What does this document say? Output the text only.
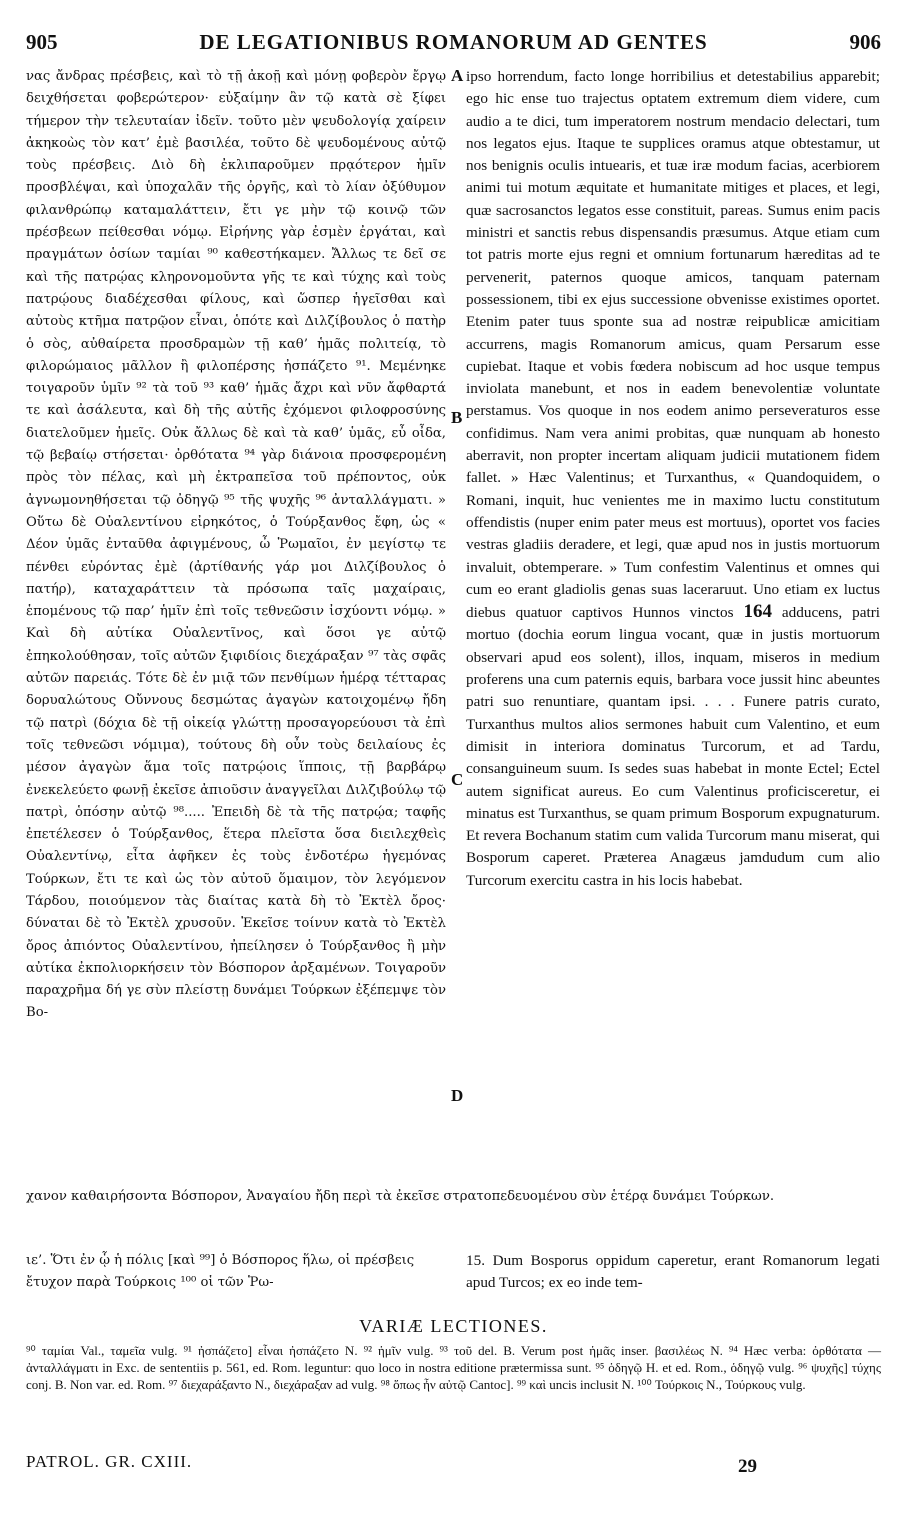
905	DE LEGATIONIBUS ROMANORUM AD GENTES	906

νας ἄνδρας πρέσβεις, καὶ τὸ τῇ ἀκοῇ καὶ μόνῃ φοβερὸν ἔργῳ δειχθήσεται φοβερώτερον· εὐξαίμην ἂν τῷ κατὰ σὲ ξίφει τήμερον τὴν τελευταίαν ἰδεῖν. τοῦτο μὲν ψευδολογίᾳ χαίρειν ἀκηκοὼς τὸν κατ’ ἐμὲ βασιλέα, τοῦτο δὲ ψευδομένους αὐτῷ τοὺς πρέσβεις. Διὸ δὴ ἐκλιπαροῦμεν πρᾳότερον ἡμῖν προσβλέψαι, καὶ ὑποχαλᾶν τῆς ὀργῆς, καὶ τὸ λίαν ὀξύθυμον φιλανθρώπῳ καταμαλάττειν, ἔτι γε μὴν τῷ κοινῷ τῶν πρέσβεων πείθεσθαι νόμῳ. Εἰρήνης γὰρ ἐσμὲν ἐργάται, καὶ πραγμάτων ὁσίων ταμίαι ⁹⁰ καθεστήκαμεν. Ἄλλως τε δεῖ σε καὶ τῆς πατρῴας κληρονομοῦντα γῆς τε καὶ τύχης καὶ τοὺς πατρῴους διαδέχεσθαι φίλους, καὶ ὥσπερ ἡγεῖσθαι καὶ αὐτοὺς κτῆμα πατρῷον εἶναι, ὁπότε καὶ Διλζίβουλος ὁ πατὴρ ὁ σὸς, αὐθαίρετα προσδραμὼν τῇ καθ’ ἡμᾶς πολιτείᾳ, τὸ φιλορώμαιος μᾶλλον ἢ φιλοπέρσης ἠσπάζετο ⁹¹. Μεμένηκε τοιγαροῦν ὑμῖν ⁹² τὰ τοῦ ⁹³ καθ’ ἡμᾶς ἄχρι καὶ νῦν ἄφθαρτά τε καὶ ἀσάλευτα, καὶ δὴ τῆς αὐτῆς ἐχόμενοι φιλοφροσύνης διατελοῦμεν ἡμεῖς. Οὐκ ἄλλως δὲ καὶ τὰ καθ’ ὑμᾶς, εὖ οἶδα, τῷ βεβαίῳ στήσεται· ὀρθότατα ⁹⁴ γὰρ διάνοια προσφερομένη πρὸς τὸν πέλας, καὶ μὴ ἐκτραπεῖσα τοῦ πρέποντος, οὐκ ἀγνωμονηθήσεται τῷ ὀδηγῷ ⁹⁵ τῆς ψυχῆς ⁹⁶ ἀνταλλάγματι. » Οὕτω δὲ Οὐαλεντίνου εἰρηκότος, ὁ Τούρξανθος ἔφη, ὡς « Δέον ὑμᾶς ἐνταῦθα ἀφιγμένους, ὦ Ῥωμαῖοι, ἐν μεγίστῳ τε πένθει εὑρόντας ἐμὲ (ἀρτίθανής γάρ μοι Διλζίβουλος ὁ πατήρ), καταχαράττειν τὰ πρόσωπα ταῖς μαχαίραις, ἑπομένους τῷ παρ’ ἡμῖν ἐπὶ τοῖς τεθνεῶσιν ἰσχύοντι νόμῳ. » Καὶ δὴ αὐτίκα Οὐαλεντῖνος, καὶ ὅσοι γε αὐτῷ ἐπηκολούθησαν, τοῖς αὐτῶν ξιφιδίοις διεχάραξαν ⁹⁷ τὰς σφᾶς αὐτῶν παρειάς. Τότε δὲ ἐν μιᾷ τῶν πενθίμων ἡμέρᾳ τέτταρας δορυαλώτους Οὔννους δεσμώτας ἀγαγὼν κατοιχομένῳ ἤδη τῷ πατρὶ (δόχια δὲ τῇ οἰκείᾳ γλώττῃ προσαγορεύουσι τὰ ἐπὶ τοῖς τεθνεῶσι νόμιμα), τούτους δὴ οὖν τοὺς δειλαίους ἐς μέσον ἀγαγὼν ἅμα τοῖς πατρῴοις ἵπποις, τῇ βαρβάρῳ ἐνεκελεύετο φωνῇ ἐκεῖσε ἀπιοῦσιν ἀναγγεῖλαι Διλζιβούλῳ τῷ πατρὶ, ὁπόσην αὐτῷ ⁹⁸..... Ἐπειδὴ δὲ τὰ τῆς πατρῴα; ταφῆς ἐπετέλεσεν ὁ Τούρξανθος, ἕτερα πλεῖστα ὅσα διειλεχθεὶς Οὐαλεντίνῳ, εἶτα ἀφῆκεν ἐς τοὺς ἐνδοτέρω ἡγεμόνας Τούρκων, ἔτι τε καὶ ὡς τὸν αὐτοῦ ὅμαιμον, τὸν λεγόμενον Τάρδου, ποιούμενον τὰς διαίτας κατὰ δὴ τὸ Ἐκτὲλ ὄρος· δύναται δὲ τὸ Ἐκτὲλ χρυσοῦν. Ἐκεῖσε τοίνυν κατὰ τὸ Ἐκτὲλ ὄρος ἀπιόντος Οὐαλεντίνου, ἠπείλησεν ὁ Τούρξανθος ἢ μὴν αὐτίκα ἐκπολιορκήσειν τὸν Βόσπορον ἀρξαμένων. Τοιγαροῦν παραχρῆμα δή γε σὺν πλείστῃ δυνάμει Τούρκων ἐξέπεμψε τὸν Βο-

A
B
C
D

ipso horrendum, facto longe horribilius et detestabilius apparebit; ego hic ense tuo trajectus optatem extremum diem videre, cum audio a te dici, tum imperatorem nostrum mendacio delectari, tum nos legatos ejus. Itaque te supplices oramus atque obtestamur, ut nos benignis oculis intuearis, et tuæ iræ modum facias, acerbiorem animi tui motum æquitate et humanitate mitiges et places, et legi, quæ sacrosanctos legatos esse constituit, pareas. Sumus enim pacis ministri et sanctis rebus dispensandis præsumus. Atque etiam cum tot patris morte ejus regni et omnium fortunarum hæreditas ad te pervenerit, paternos quoque amicos, tanquam paternam possessionem, tibi ex ejus successione obvenisse existimes oportet. Etenim pater tuus sponte sua ad nostræ reipublicæ amicitiam accurrens, magis Romanorum amicus, quam Persarum esse cupiebat. Itaque et vobis fœdera nobiscum ad hoc usque tempus inviolata manebunt, et nos in eadem benevolentiæ voluntate perstamus. Vos quoque in nos eodem animo perseveraturos esse confidimus. Nam vera animi probitas, quæ nunquam ab honesto aberravit, non propter incertam aliquam judicii mutationem fidem fallet. » Hæc Valentinus; et Turxanthus, « Quandoquidem, o Romani, inquit, huc venientes me in maximo luctu constitutum offendistis (nuper enim pater meus est mortuus), oportet vos facies vestras gladiis deradere, et legi, quæ apud nos in justis mortuorum invaluit, obtemperare. » Tum confestim Valentinus et omnes qui cum eo erant gladiolis genas suas laceraruut. Uno etiam ex luctus diebus quatuor captivos Hunnos vinctos 164 adducens, patri mortuo (dochia eorum lingua vocant, quæ in justis mortuorum observari apud eos solent), illos, inquam, miseros in medium proferens una cum paternis equis, barbara voce jussit hinc abeuntes patri suo renuntiare, quantam ipsi. . . . Funere patris curato, Turxanthus multos alios sermones habuit cum Valentino, et eum dimisit in interiora dominatus Turcorum, et ad Tardu, consanguineum suum. Is sedes suas habebat in monte Ectel; Ectel autem significat aureus. Eo cum Valentinus proficisceretur, ei minatus est Turxanthus, se quam primum Bosporum expugnaturum. Et revera Bochanum statim cum valida Turcorum manu miserat, qui Bosporum caperet. Præterea Anagæus jamdudum cum alio Turcorum exercitu castra in his locis habebat.

χανον καθαιρήσοντα Βόσπορον, Ἀναγαίου ἤδη περὶ τὰ ἐκεῖσε στρατοπεδευομένου σὺν ἑτέρᾳ δυνάμει Τούρκων.

ιε’. Ὅτι ἐν ᾧ ἡ πόλις [καὶ ⁹⁹] ὁ Βόσπορος ἥλω, οἱ πρέσβεις ἔτυχον παρὰ Τούρκοις ¹⁰⁰ οἱ τῶν Ῥω-

15. Dum Bosporus oppidum caperetur, erant Romanorum legati apud Turcos; ex eo inde tem-

VARIÆ LECTIONES.

⁹⁰ ταμίαι Val., ταμεῖα vulg. ⁹¹ ἠσπάζετο] εἶναι ἠσπάζετο N. ⁹² ἡμῖν vulg. ⁹³ τοῦ del. B. Verum post ἡμᾶς inser. βασιλέως N. ⁹⁴ Hæc verba: ὀρθότατα — ἀνταλλάγματι in Exc. de sententiis p. 561, ed. Rom. leguntur: quo loco in nostra editione prætermissa sunt. ⁹⁵ ὁδηγῷ H. et ed. Rom., ὁδηγῷ vulg. ⁹⁶ ψυχῆς] τύχης conj. B. Non var. ed. Rom. ⁹⁷ διεχαράξαντο N., διεχάραξαν ad vulg. ⁹⁸ ὅπως ἦν αὐτῷ Cantoc]. ⁹⁹ καὶ uncis inclusit N. ¹⁰⁰ Τούρκοις N., Τούρκους vulg.

PATROL. GR. CXIII.	29
